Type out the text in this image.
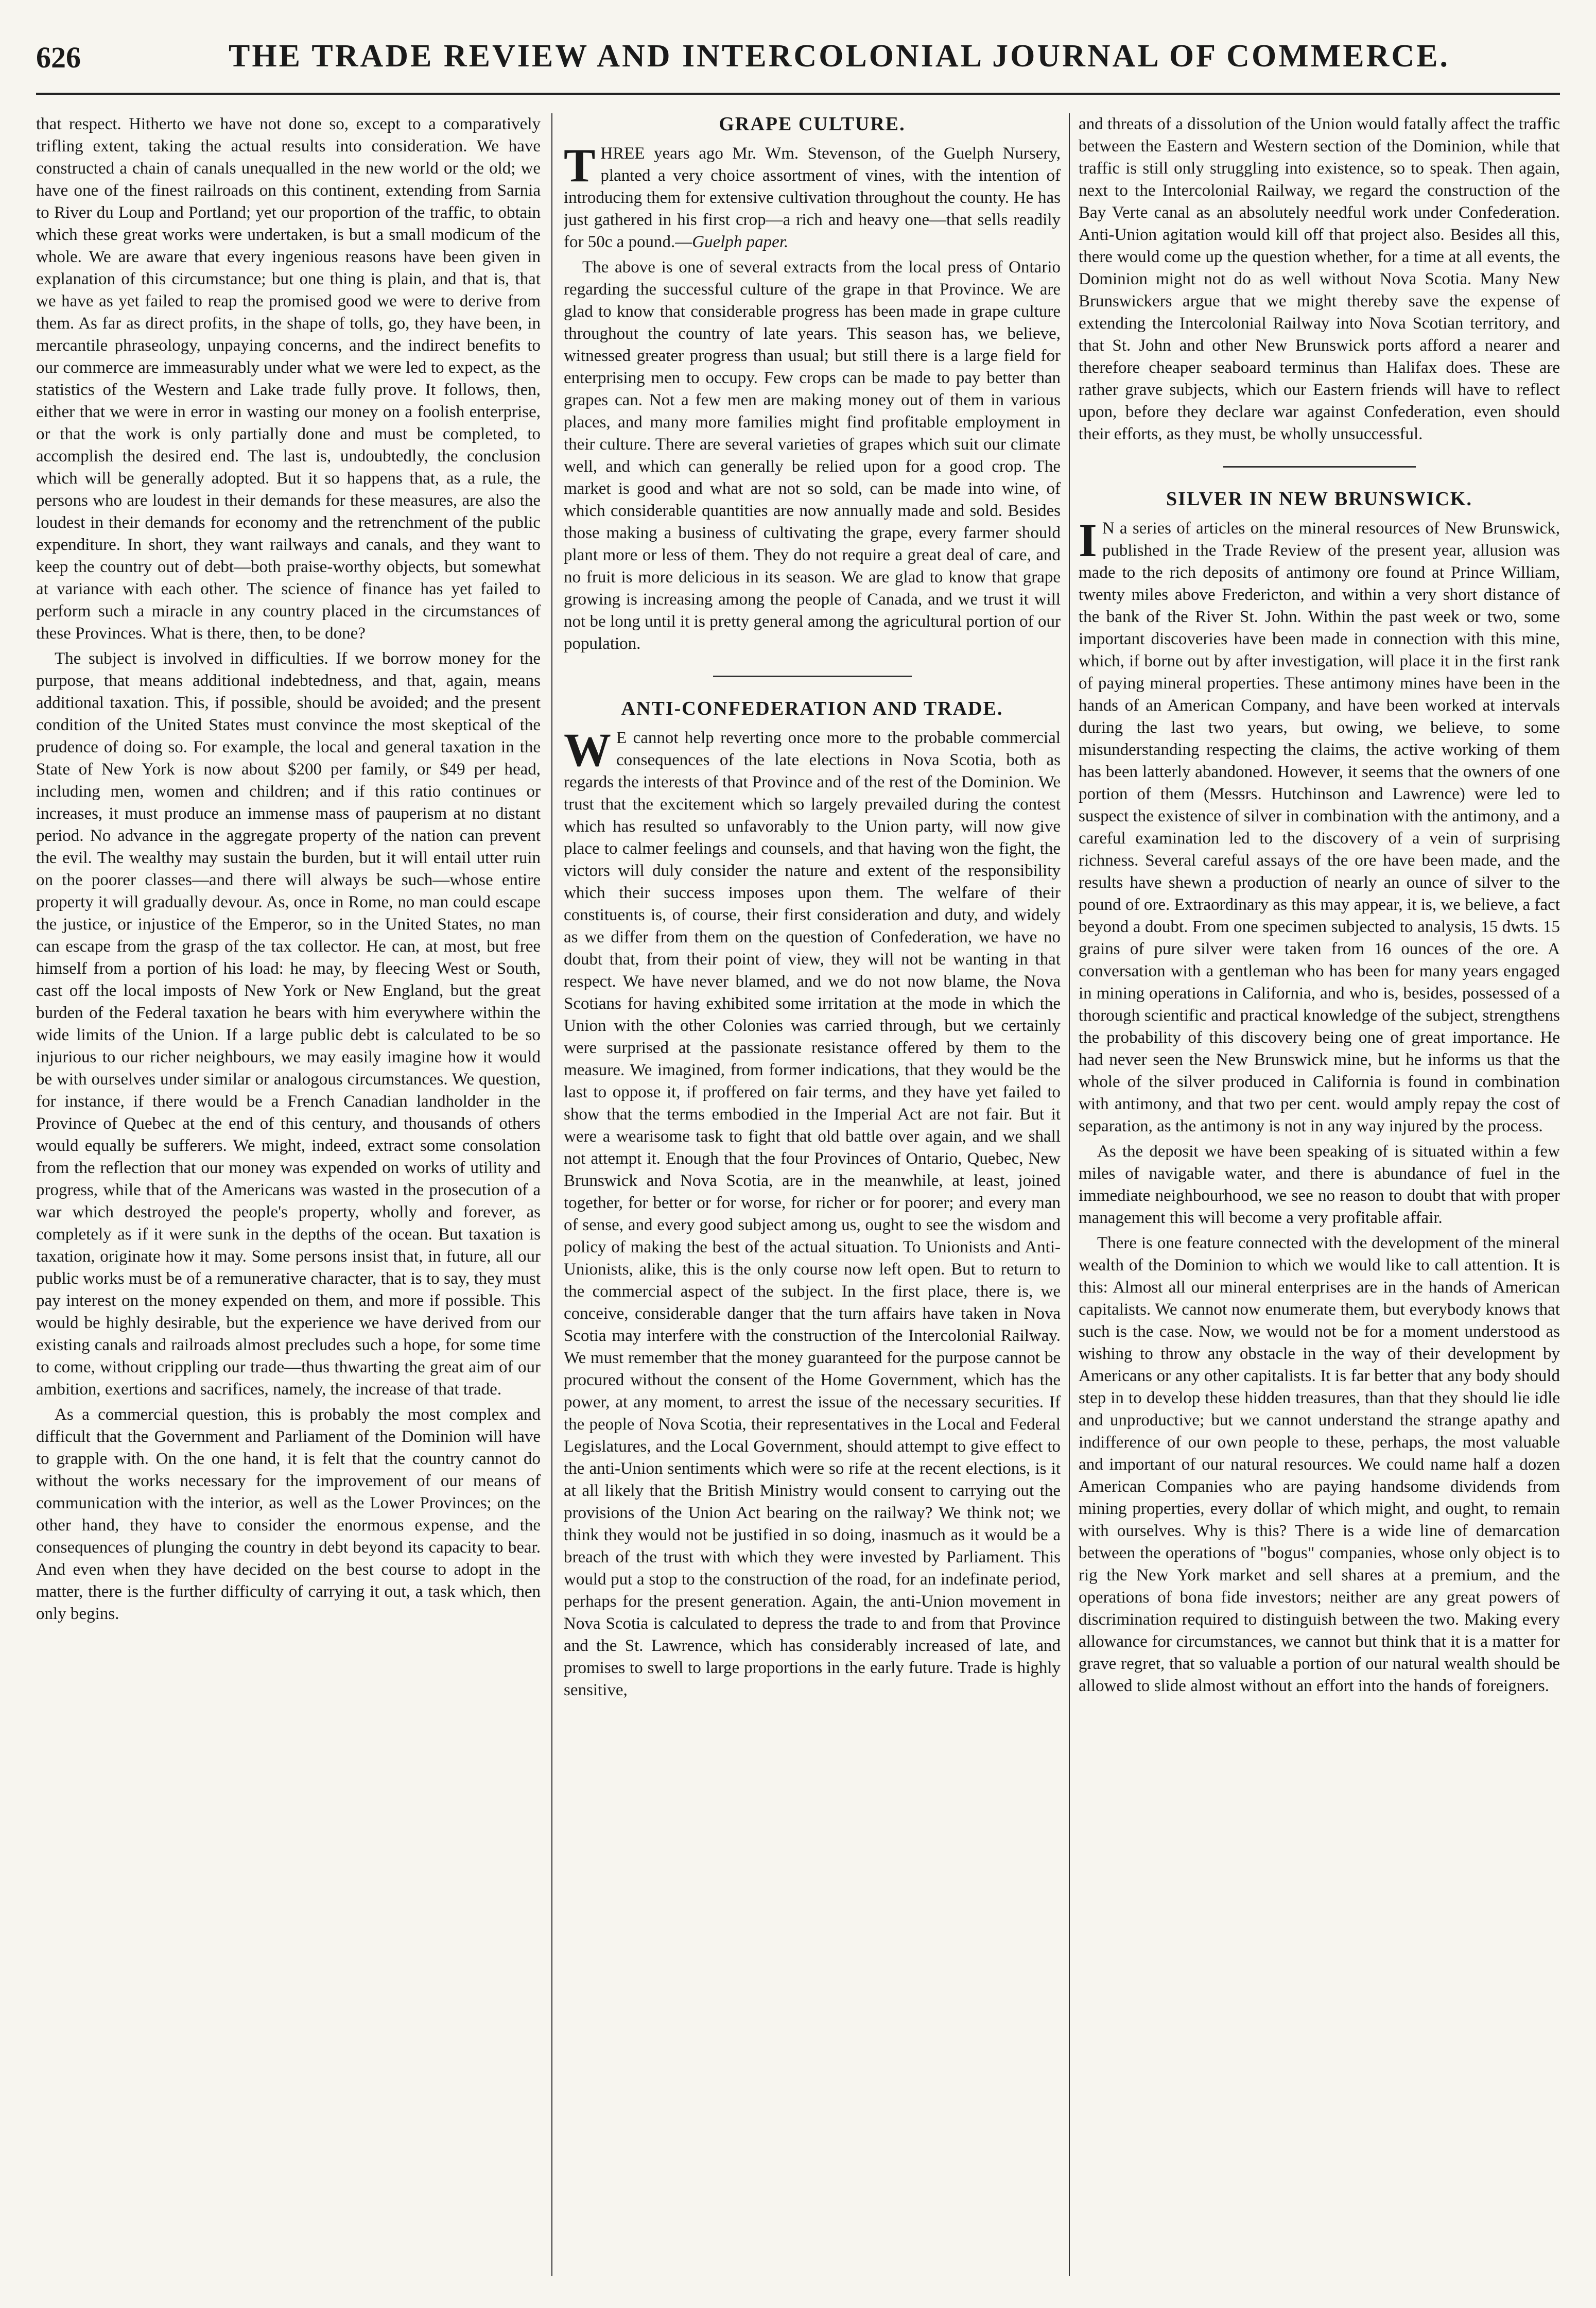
626	THE TRADE REVIEW AND INTERCOLONIAL JOURNAL OF COMMERCE.

that respect. Hitherto we have not done so, except to a comparatively trifling extent, taking the actual results into consideration. We have constructed a chain of canals unequalled in the new world or the old; we have one of the finest railroads on this continent, extending from Sarnia to River du Loup and Portland; yet our proportion of the traffic, to obtain which these great works were undertaken, is but a small modicum of the whole. We are aware that every ingenious reasons have been given in explanation of this circumstance; but one thing is plain, and that is, that we have as yet failed to reap the promised good we were to derive from them. As far as direct profits, in the shape of tolls, go, they have been, in mercantile phraseology, unpaying concerns, and the indirect benefits to our commerce are immeasurably under what we were led to expect, as the statistics of the Western and Lake trade fully prove. It follows, then, either that we were in error in wasting our money on a foolish enterprise, or that the work is only partially done and must be completed, to accomplish the desired end. The last is, undoubtedly, the conclusion which will be generally adopted. But it so happens that, as a rule, the persons who are loudest in their demands for these measures, are also the loudest in their demands for economy and the retrenchment of the public expenditure. In short, they want railways and canals, and they want to keep the country out of debt—both praise-worthy objects, but somewhat at variance with each other. The science of finance has yet failed to perform such a miracle in any country placed in the circumstances of these Provinces. What is there, then, to be done?

The subject is involved in difficulties. If we borrow money for the purpose, that means additional indebtedness, and that, again, means additional taxation. This, if possible, should be avoided; and the present condition of the United States must convince the most skeptical of the prudence of doing so. For example, the local and general taxation in the State of New York is now about $200 per family, or $49 per head, including men, women and children; and if this ratio continues or increases, it must produce an immense mass of pauperism at no distant period. No advance in the aggregate property of the nation can prevent the evil. The wealthy may sustain the burden, but it will entail utter ruin on the poorer classes—and there will always be such—whose entire property it will gradually devour. As, once in Rome, no man could escape the justice, or injustice of the Emperor, so in the United States, no man can escape from the grasp of the tax collector. He can, at most, but free himself from a portion of his load: he may, by fleecing West or South, cast off the local imposts of New York or New England, but the great burden of the Federal taxation he bears with him everywhere within the wide limits of the Union. If a large public debt is calculated to be so injurious to our richer neighbours, we may easily imagine how it would be with ourselves under similar or analogous circumstances. We question, for instance, if there would be a French Canadian landholder in the Province of Quebec at the end of this century, and thousands of others would equally be sufferers. We might, indeed, extract some consolation from the reflection that our money was expended on works of utility and progress, while that of the Americans was wasted in the prosecution of a war which destroyed the people's property, wholly and forever, as completely as if it were sunk in the depths of the ocean. But taxation is taxation, originate how it may. Some persons insist that, in future, all our public works must be of a remunerative character, that is to say, they must pay interest on the money expended on them, and more if possible. This would be highly desirable, but the experience we have derived from our existing canals and railroads almost precludes such a hope, for some time to come, without crippling our trade—thus thwarting the great aim of our ambition, exertions and sacrifices, namely, the increase of that trade.

As a commercial question, this is probably the most complex and difficult that the Government and Parliament of the Dominion will have to grapple with. On the one hand, it is felt that the country cannot do without the works necessary for the improvement of our means of communication with the interior, as well as the Lower Provinces; on the other hand, they have to consider the enormous expense, and the consequences of plunging the country in debt beyond its capacity to bear. And even when they have decided on the best course to adopt in the matter, there is the further difficulty of carrying it out, a task which, then only begins.

GRAPE CULTURE.

T HREE years ago Mr. Wm. Stevenson, of the Guelph Nursery, planted a very choice assortment of vines, with the intention of introducing them for extensive cultivation throughout the county. He has just gathered in his first crop—a rich and heavy one—that sells readily for 50c a pound.—Guelph paper.

The above is one of several extracts from the local press of Ontario regarding the successful culture of the grape in that Province. We are glad to know that considerable progress has been made in grape culture throughout the country of late years. This season has, we believe, witnessed greater progress than usual; but still there is a large field for enterprising men to occupy. Few crops can be made to pay better than grapes can. Not a few men are making money out of them in various places, and many more families might find profitable employment in their culture. There are several varieties of grapes which suit our climate well, and which can generally be relied upon for a good crop. The market is good and what are not so sold, can be made into wine, of which considerable quantities are now annually made and sold. Besides those making a business of cultivating the grape, every farmer should plant more or less of them. They do not require a great deal of care, and no fruit is more delicious in its season. We are glad to know that grape growing is increasing among the people of Canada, and we trust it will not be long until it is pretty general among the agricultural portion of our population.

ANTI-CONFEDERATION AND TRADE.

W E cannot help reverting once more to the probable commercial consequences of the late elections in Nova Scotia, both as regards the interests of that Province and of the rest of the Dominion. We trust that the excitement which so largely prevailed during the contest which has resulted so unfavorably to the Union party, will now give place to calmer feelings and counsels, and that having won the fight, the victors will duly consider the nature and extent of the responsibility which their success imposes upon them. The welfare of their constituents is, of course, their first consideration and duty, and widely as we differ from them on the question of Confederation, we have no doubt that, from their point of view, they will not be wanting in that respect. We have never blamed, and we do not now blame, the Nova Scotians for having exhibited some irritation at the mode in which the Union with the other Colonies was carried through, but we certainly were surprised at the passionate resistance offered by them to the measure. We imagined, from former indications, that they would be the last to oppose it, if proffered on fair terms, and they have yet failed to show that the terms embodied in the Imperial Act are not fair. But it were a wearisome task to fight that old battle over again, and we shall not attempt it. Enough that the four Provinces of Ontario, Quebec, New Brunswick and Nova Scotia, are in the meanwhile, at least, joined together, for better or for worse, for richer or for poorer; and every man of sense, and every good subject among us, ought to see the wisdom and policy of making the best of the actual situation. To Unionists and Anti-Unionists, alike, this is the only course now left open. But to return to the commercial aspect of the subject. In the first place, there is, we conceive, considerable danger that the turn affairs have taken in Nova Scotia may interfere with the construction of the Intercolonial Railway. We must remember that the money guaranteed for the purpose cannot be procured without the consent of the Home Government, which has the power, at any moment, to arrest the issue of the necessary securities. If the people of Nova Scotia, their representatives in the Local and Federal Legislatures, and the Local Government, should attempt to give effect to the anti-Union sentiments which were so rife at the recent elections, is it at all likely that the British Ministry would consent to carrying out the provisions of the Union Act bearing on the railway? We think not; we think they would not be justified in so doing, inasmuch as it would be a breach of the trust with which they were invested by Parliament. This would put a stop to the construction of the road, for an indefinate period, perhaps for the present generation. Again, the anti-Union movement in Nova Scotia is calculated to depress the trade to and from that Province and the St. Lawrence, which has considerably increased of late, and promises to swell to large proportions in the early future. Trade is highly sensitive,

and threats of a dissolution of the Union would fatally affect the traffic between the Eastern and Western section of the Dominion, while that traffic is still only struggling into existence, so to speak. Then again, next to the Intercolonial Railway, we regard the construction of the Bay Verte canal as an absolutely needful work under Confederation. Anti-Union agitation would kill off that project also. Besides all this, there would come up the question whether, for a time at all events, the Dominion might not do as well without Nova Scotia. Many New Brunswickers argue that we might thereby save the expense of extending the Intercolonial Railway into Nova Scotian territory, and that St. John and other New Brunswick ports afford a nearer and therefore cheaper seaboard terminus than Halifax does. These are rather grave subjects, which our Eastern friends will have to reflect upon, before they declare war against Confederation, even should their efforts, as they must, be wholly unsuccessful.

SILVER IN NEW BRUNSWICK.

I N a series of articles on the mineral resources of New Brunswick, published in the Trade Review of the present year, allusion was made to the rich deposits of antimony ore found at Prince William, twenty miles above Fredericton, and within a very short distance of the bank of the River St. John. Within the past week or two, some important discoveries have been made in connection with this mine, which, if borne out by after investigation, will place it in the first rank of paying mineral properties. These antimony mines have been in the hands of an American Company, and have been worked at intervals during the last two years, but owing, we believe, to some misunderstanding respecting the claims, the active working of them has been latterly abandoned. However, it seems that the owners of one portion of them (Messrs. Hutchinson and Lawrence) were led to suspect the existence of silver in combination with the antimony, and a careful examination led to the discovery of a vein of surprising richness. Several careful assays of the ore have been made, and the results have shewn a production of nearly an ounce of silver to the pound of ore. Extraordinary as this may appear, it is, we believe, a fact beyond a doubt. From one specimen subjected to analysis, 15 dwts. 15 grains of pure silver were taken from 16 ounces of the ore. A conversation with a gentleman who has been for many years engaged in mining operations in California, and who is, besides, possessed of a thorough scientific and practical knowledge of the subject, strengthens the probability of this discovery being one of great importance. He had never seen the New Brunswick mine, but he informs us that the whole of the silver produced in California is found in combination with antimony, and that two per cent. would amply repay the cost of separation, as the antimony is not in any way injured by the process.

As the deposit we have been speaking of is situated within a few miles of navigable water, and there is abundance of fuel in the immediate neighbourhood, we see no reason to doubt that with proper management this will become a very profitable affair.

There is one feature connected with the development of the mineral wealth of the Dominion to which we would like to call attention. It is this: Almost all our mineral enterprises are in the hands of American capitalists. We cannot now enumerate them, but everybody knows that such is the case. Now, we would not be for a moment understood as wishing to throw any obstacle in the way of their development by Americans or any other capitalists. It is far better that any body should step in to develop these hidden treasures, than that they should lie idle and unproductive; but we cannot understand the strange apathy and indifference of our own people to these, perhaps, the most valuable and important of our natural resources. We could name half a dozen American Companies who are paying handsome dividends from mining properties, every dollar of which might, and ought, to remain with ourselves. Why is this? There is a wide line of demarcation between the operations of "bogus" companies, whose only object is to rig the New York market and sell shares at a premium, and the operations of bona fide investors; neither are any great powers of discrimination required to distinguish between the two. Making every allowance for circumstances, we cannot but think that it is a matter for grave regret, that so valuable a portion of our natural wealth should be allowed to slide almost without an effort into the hands of foreigners.
